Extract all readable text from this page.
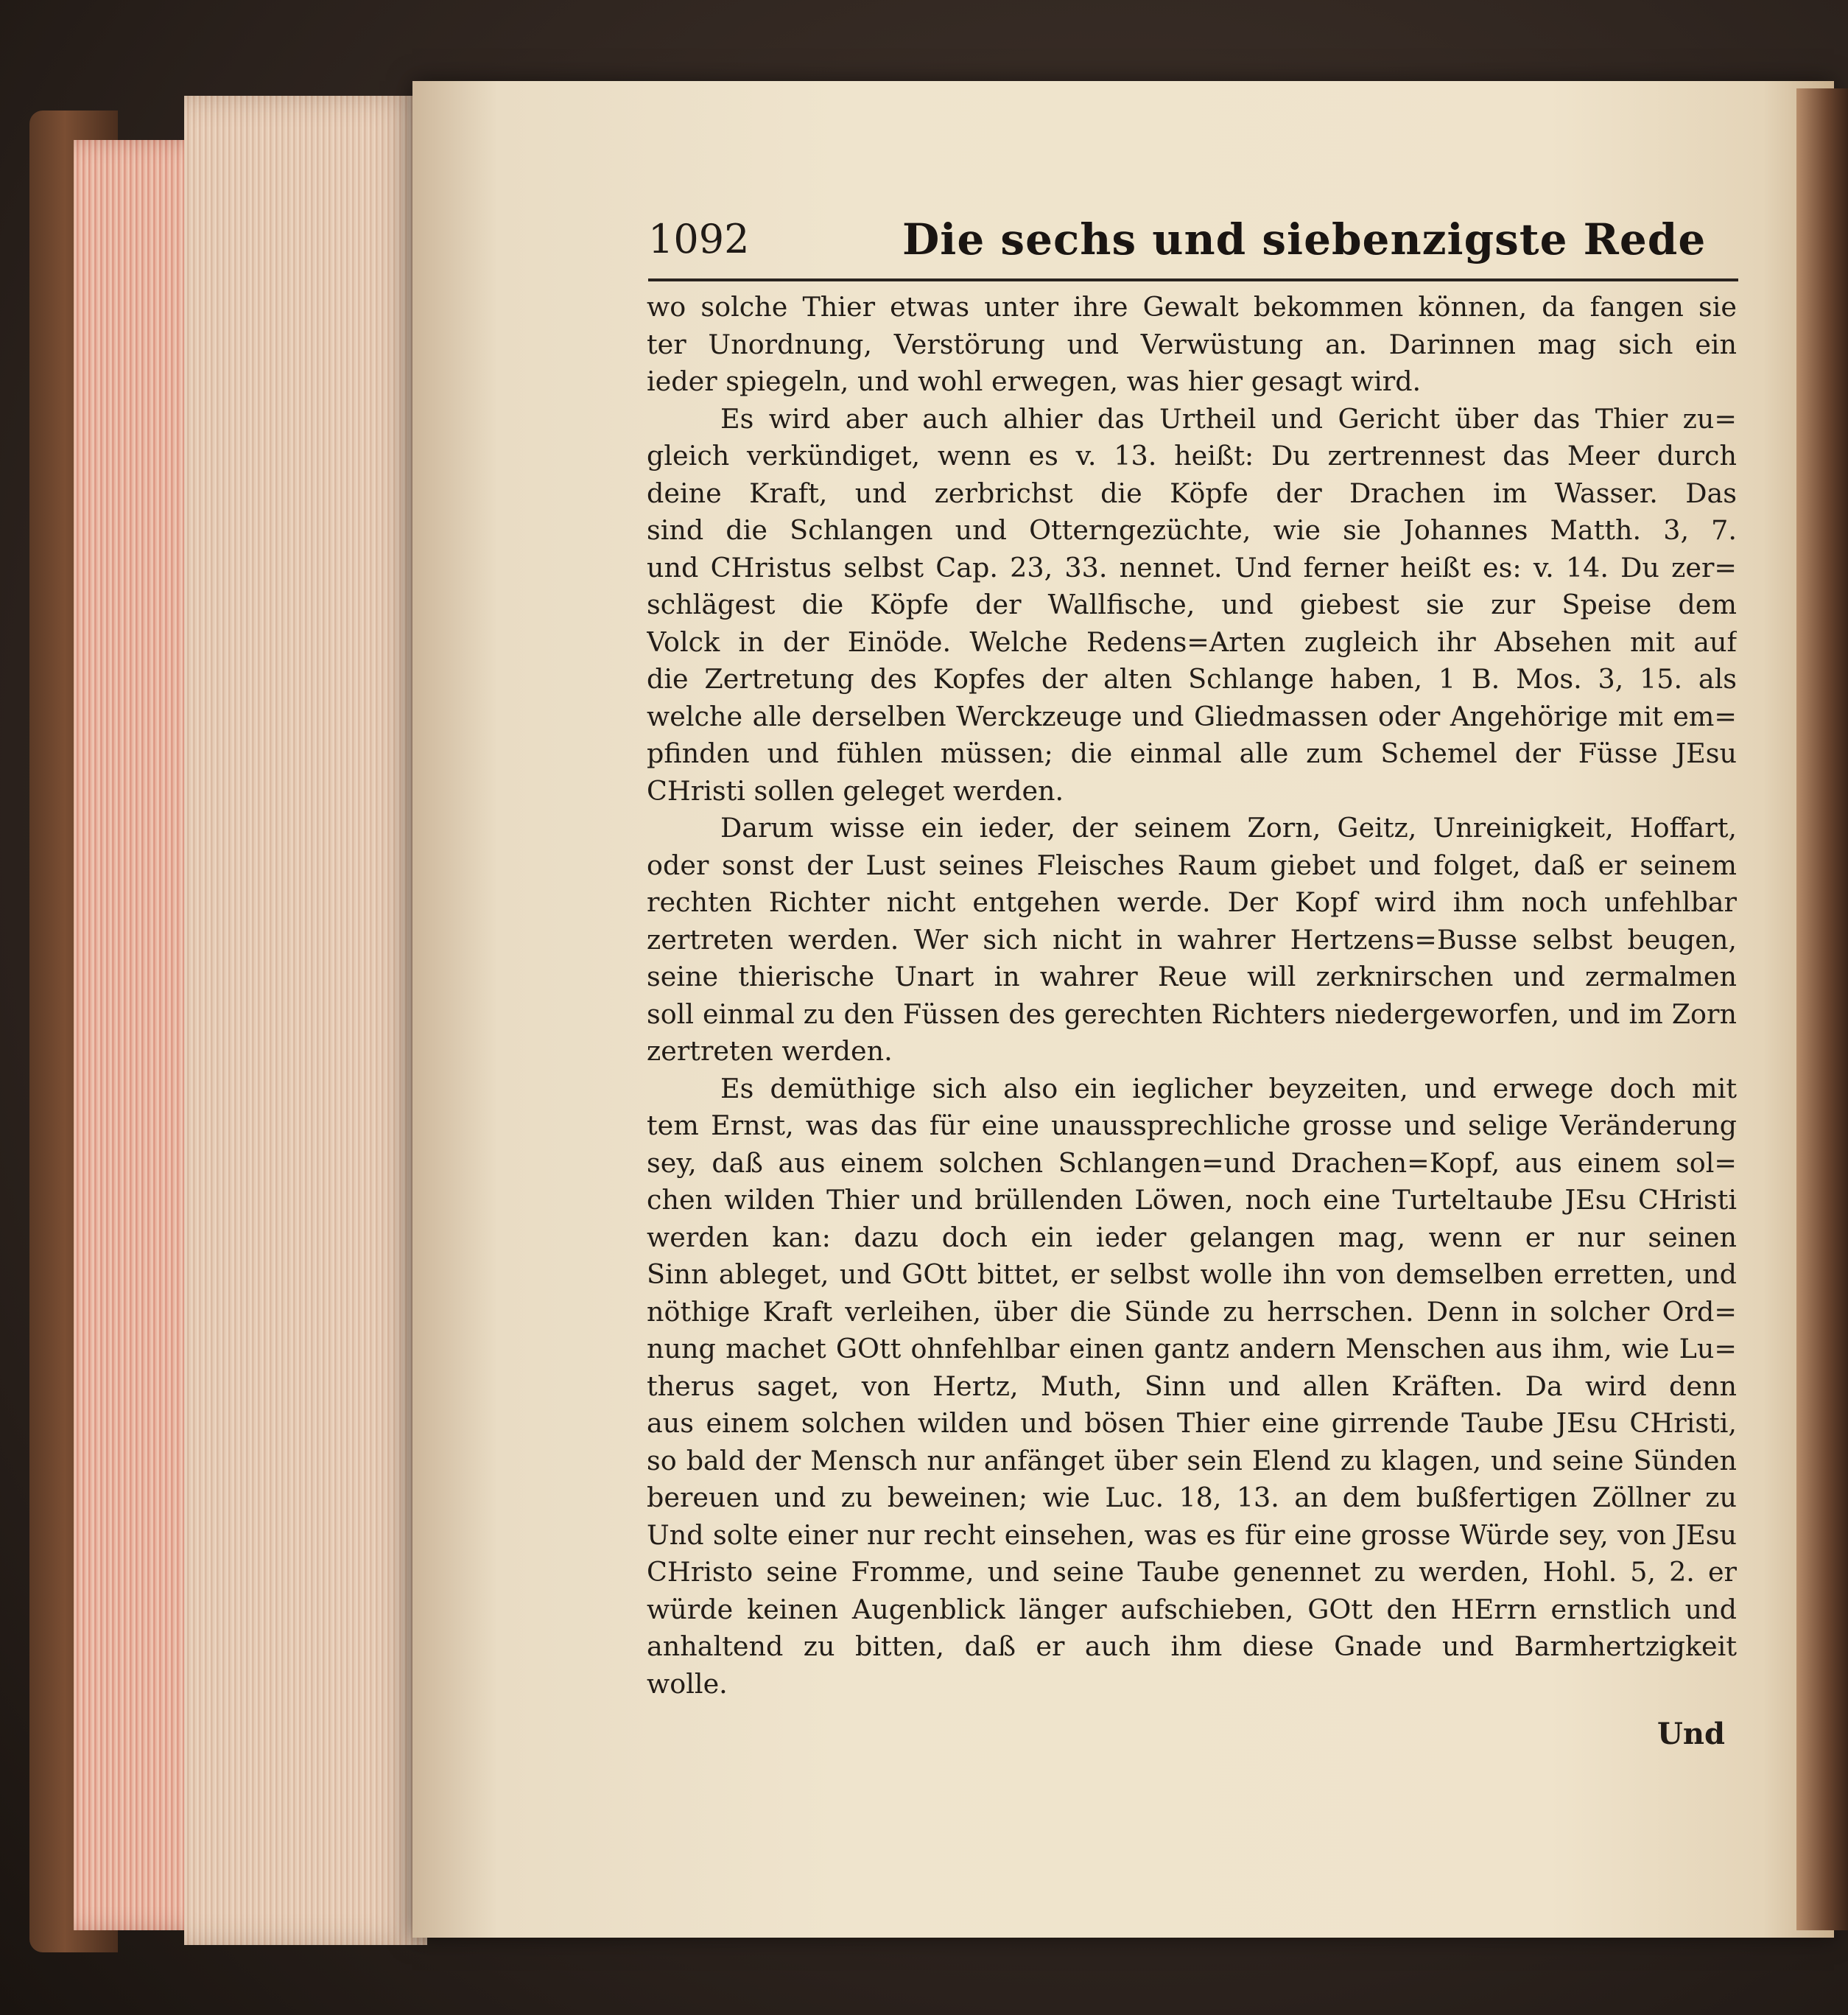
1092	Die sechs und siebenzigste Rede
wo solche Thier etwas unter ihre Gewalt bekommen können, da fangen sie
ter Unordnung, Verstörung und Verwüstung an. Darinnen mag sich ein
ieder spiegeln, und wohl erwegen, was hier gesagt wird.
Es wird aber auch alhier das Urtheil und Gericht über das Thier zu=
gleich verkündiget, wenn es v. 13. heißt: Du zertrennest das Meer durch
deine Kraft, und zerbrichst die Köpfe der Drachen im Wasser. Das
sind die Schlangen und Otterngezüchte, wie sie Johannes Matth. 3, 7.
und CHristus selbst Cap. 23, 33. nennet. Und ferner heißt es: v. 14. Du zer=
schlägest die Köpfe der Wallfische, und giebest sie zur Speise dem
Volck in der Einöde. Welche Redens=Arten zugleich ihr Absehen mit auf
die Zertretung des Kopfes der alten Schlange haben, 1 B. Mos. 3, 15. als
welche alle derselben Werckzeuge und Gliedmassen oder Angehörige mit em=
pfinden und fühlen müssen; die einmal alle zum Schemel der Füsse JEsu
CHristi sollen geleget werden.
Darum wisse ein ieder, der seinem Zorn, Geitz, Unreinigkeit, Hoffart,
oder sonst der Lust seines Fleisches Raum giebet und folget, daß er seinem
rechten Richter nicht entgehen werde. Der Kopf wird ihm noch unfehlbar
zertreten werden. Wer sich nicht in wahrer Hertzens=Busse selbst beugen,
seine thierische Unart in wahrer Reue will zerknirschen und zermalmen
soll einmal zu den Füssen des gerechten Richters niedergeworfen, und im Zorn
zertreten werden.
Es demüthige sich also ein ieglicher beyzeiten, und erwege doch mit
tem Ernst, was das für eine unaussprechliche grosse und selige Veränderung
sey, daß aus einem solchen Schlangen=und Drachen=Kopf, aus einem sol=
chen wilden Thier und brüllenden Löwen, noch eine Turteltaube JEsu CHristi
werden kan: dazu doch ein ieder gelangen mag, wenn er nur seinen
Sinn ableget, und GOtt bittet, er selbst wolle ihn von demselben erretten, und
nöthige Kraft verleihen, über die Sünde zu herrschen. Denn in solcher Ord=
nung machet GOtt ohnfehlbar einen gantz andern Menschen aus ihm, wie Lu=
therus saget, von Hertz, Muth, Sinn und allen Kräften. Da wird denn
aus einem solchen wilden und bösen Thier eine girrende Taube JEsu CHristi,
so bald der Mensch nur anfänget über sein Elend zu klagen, und seine Sünden
bereuen und zu beweinen; wie Luc. 18, 13. an dem bußfertigen Zöllner zu
Und solte einer nur recht einsehen, was es für eine grosse Würde sey, von JEsu
CHristo seine Fromme, und seine Taube genennet zu werden, Hohl. 5, 2. er
würde keinen Augenblick länger aufschieben, GOtt den HErrn ernstlich und
anhaltend zu bitten, daß er auch ihm diese Gnade und Barmhertzigkeit
wolle.
Und
